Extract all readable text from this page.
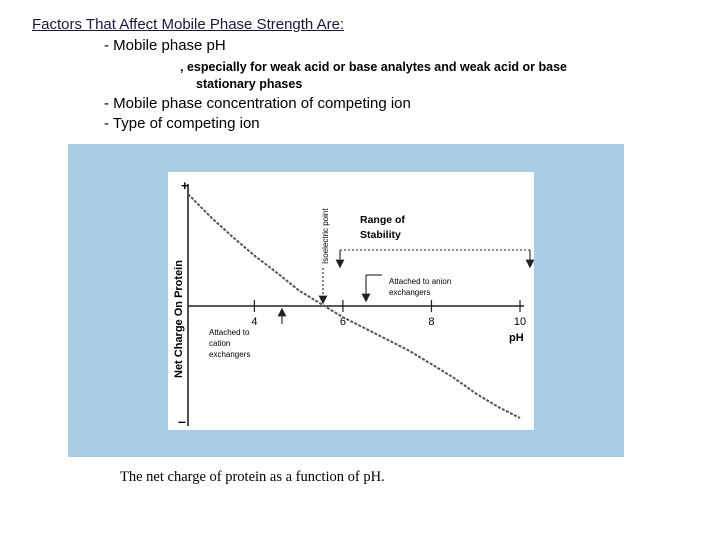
Factors That Affect Mobile Phase Strength Are:
- Mobile phase pH
, especially for weak acid or base analytes and weak acid or base
stationary phases
- Mobile phase concentration of competing ion
- Type of competing ion
4	6	8	10
+
–
pH
Net Charge On Protein
Isoelectric point	Range of
Stability
Attached to anion
exchangers
Attached to
cation
exchangers
The net charge of protein as a function of pH.
